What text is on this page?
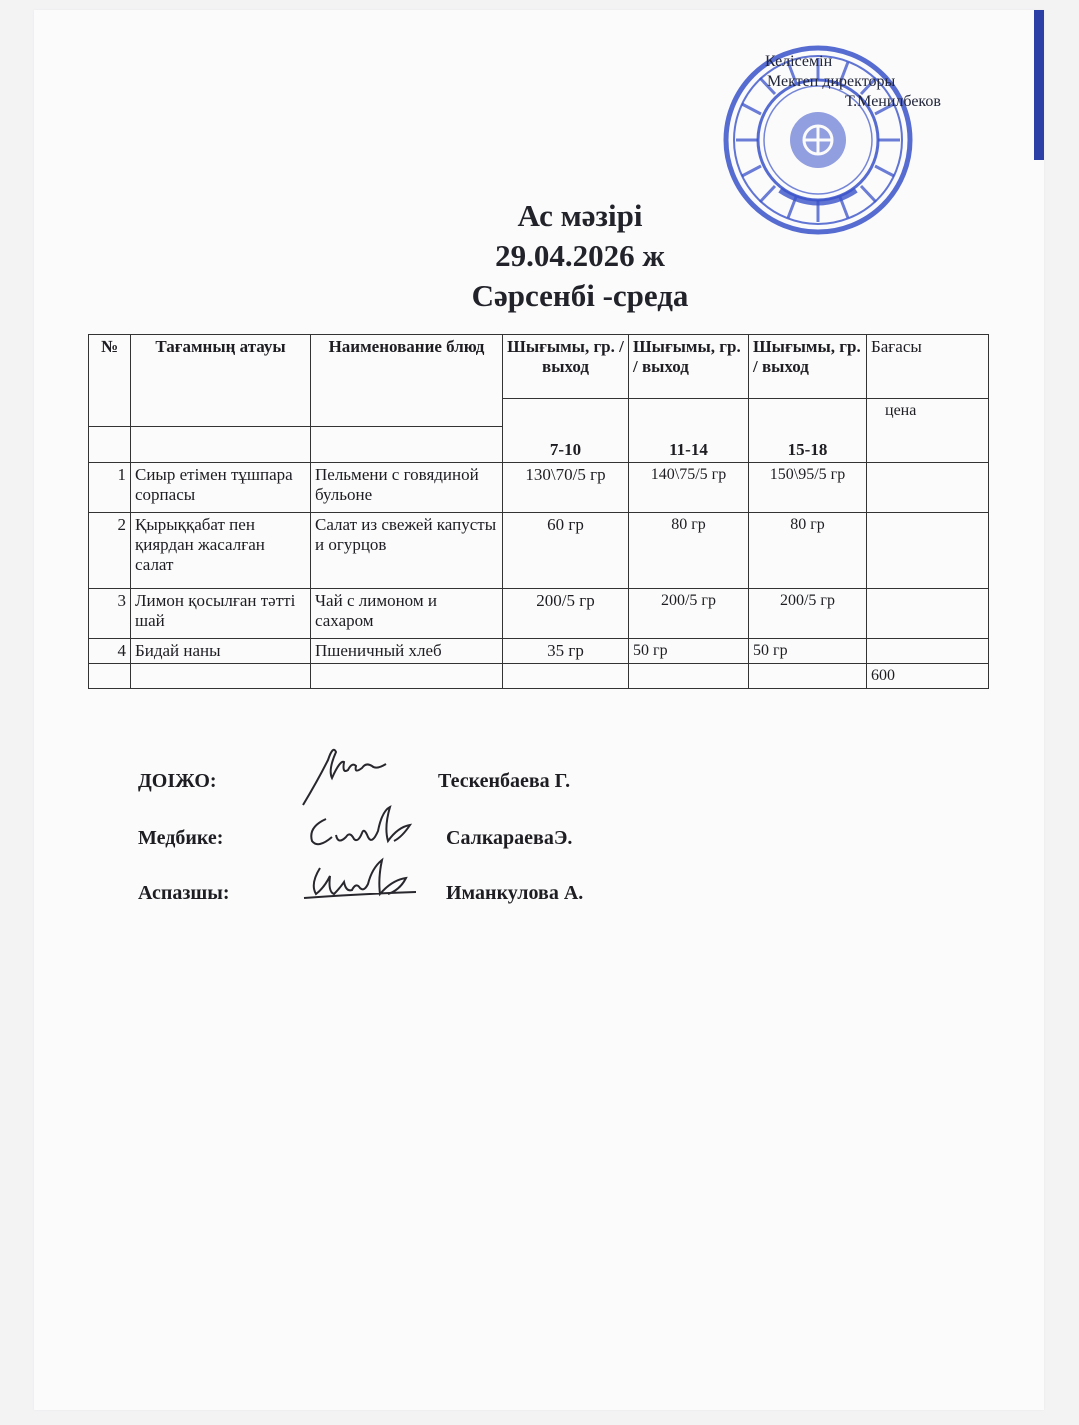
Келісемін
Мектеп директоры
Т.Менилбеков
Ас мәзірі
29.04.2026 ж
Сәрсенбі -среда
№	Тағамның атауы	Наименование блюд	Шығымы, гр. / выход	Шығымы, гр. / выход	Шығымы, гр. / выход	Бағасы
			7-10	11-14	15-18	цена

1	Сиыр етімен тұшпара сорпасы	Пельмени с говядиной бульоне	130\70/5 гр	140\75/5 гр	150\95/5 гр	
2	Қырыққабат пен қиярдан жасалған салат	Салат из свежей капусты и огурцов	60 гр	80 гр	80 гр	
3	Лимон қосылған тәтті шай	Чай с лимоном и сахаром	200/5 гр	200/5 гр	200/5 гр	
4	Бидай наны	Пшеничный хлеб	35 гр	50 гр	50 гр	
						600
ДОІЖО:	Тескенбаева Г.
Медбике:	СалкараеваЭ.
Аспазшы:	Иманкулова А.
